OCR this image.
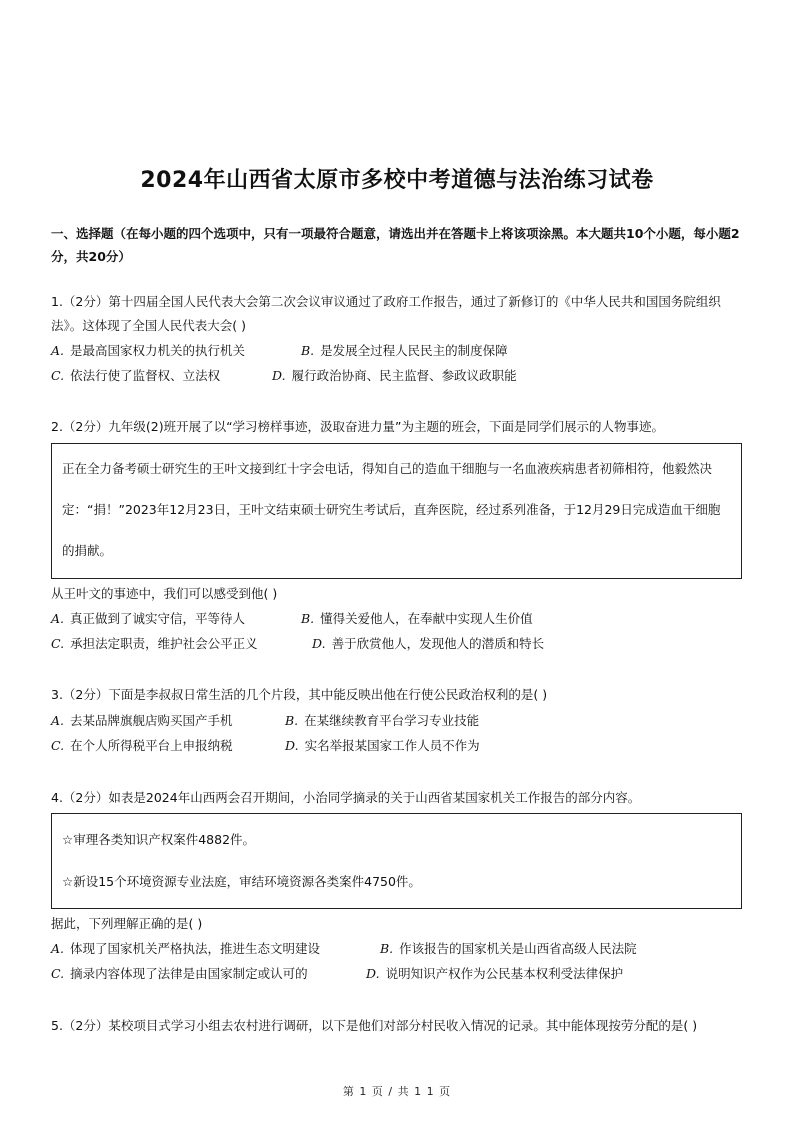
2024年山西省太原市多校中考道德与法治练习试卷
一、选择题（在每小题的四个选项中，只有一项最符合题意，请选出并在答题卡上将该项涂黑。本大题共10个小题，每小题2分，共20分）
1.（2分）第十四届全国人民代表大会第二次会议审议通过了政府工作报告，通过了新修订的《中华人民共和国国务院组织法》。这体现了全国人民代表大会( )
A. 是最高国家权力机关的执行机关	B. 是发展全过程人民民主的制度保障
C. 依法行使了监督权、立法权	D. 履行政治协商、民主监督、参政议政职能
2.（2分）九年级(2)班开展了以“学习榜样事迹，汲取奋进力量”为主题的班会，下面是同学们展示的人物事迹。
正在全力备考硕士研究生的王叶文接到红十字会电话，得知自己的造血干细胞与一名血液疾病患者初筛相符，他毅然决定：“捐！”2023年12月23日，王叶文结束硕士研究生考试后，直奔医院，经过系列准备，于12月29日完成造血干细胞的捐献。
从王叶文的事迹中，我们可以感受到他( )
A. 真正做到了诚实守信，平等待人	B. 懂得关爱他人，在奉献中实现人生价值
C. 承担法定职责，维护社会公平正义	D. 善于欣赏他人，发现他人的潜质和特长
3.（2分）下面是李叔叔日常生活的几个片段，其中能反映出他在行使公民政治权利的是( )
A. 去某品牌旗舰店购买国产手机	B. 在某继续教育平台学习专业技能
C. 在个人所得税平台上申报纳税	D. 实名举报某国家工作人员不作为
4.（2分）如表是2024年山西两会召开期间，小治同学摘录的关于山西省某国家机关工作报告的部分内容。
☆审理各类知识产权案件4882件。
☆新设15个环境资源专业法庭，审结环境资源各类案件4750件。
据此，下列理解正确的是( )
A. 体现了国家机关严格执法，推进生态文明建设	B. 作该报告的国家机关是山西省高级人民法院
C. 摘录内容体现了法律是由国家制定或认可的	D. 说明知识产权作为公民基本权利受法律保护
5.（2分）某校项目式学习小组去农村进行调研，以下是他们对部分村民收入情况的记录。其中能体现按劳分配的是( )
第 1 页 / 共 1 1 页
